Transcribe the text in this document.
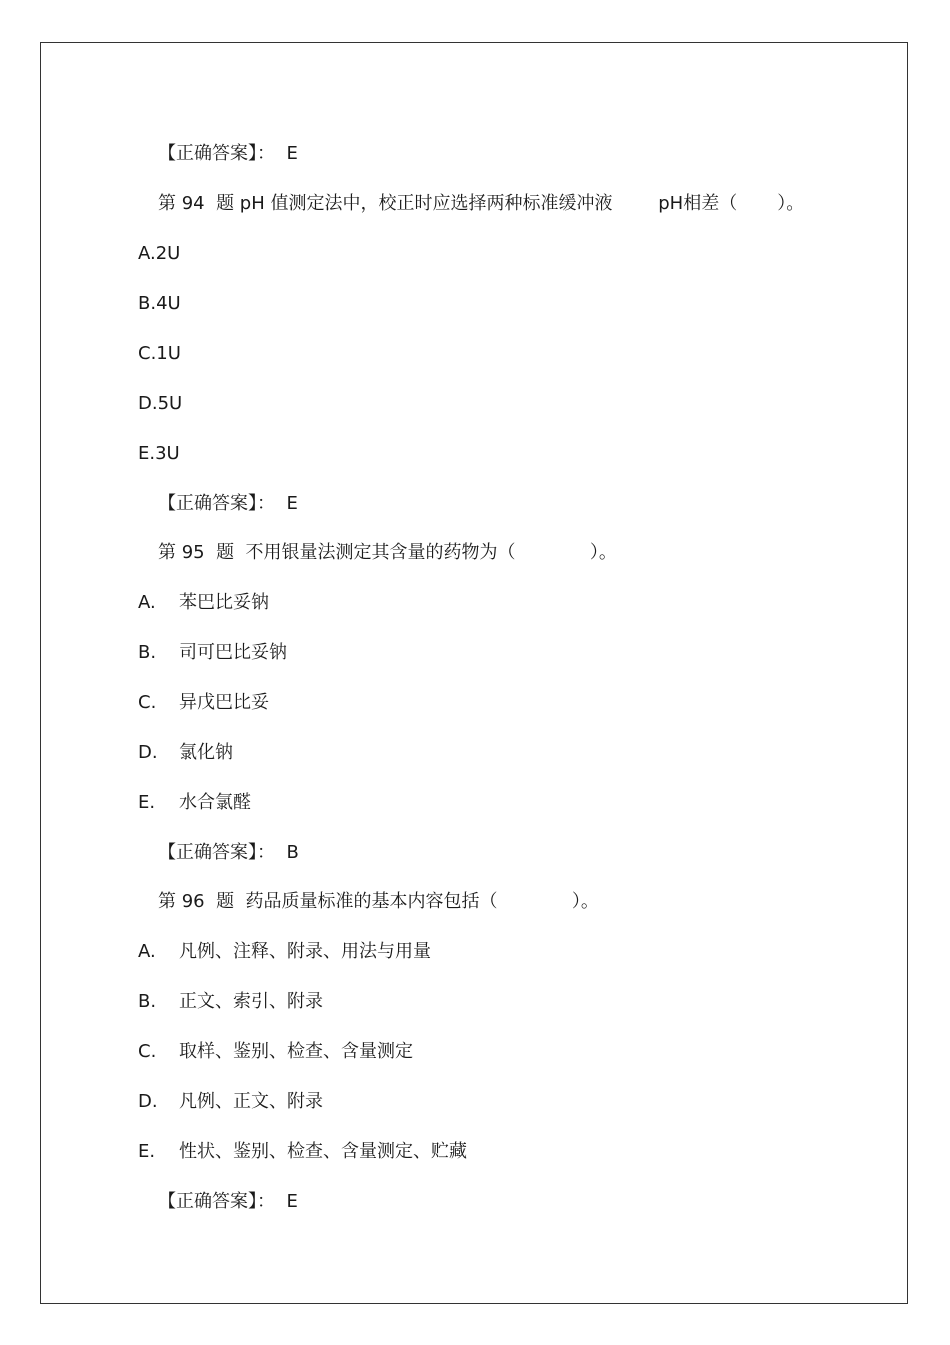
【正确答案】：  E
第 94  题 pH 值测定法中，校正时应选择两种标准缓冲液        pH相差（       ）。
A.2U
B.4U
C.1U
D.5U
E.3U
【正确答案】：  E
第 95  题  不用银量法测定其含量的药物为（             ）。
A. 苯巴比妥钠
B. 司可巴比妥钠
C. 异戊巴比妥
D. 氯化钠
E. 水合氯醛
【正确答案】：  B
第 96  题  药品质量标准的基本内容包括（             ）。
A. 凡例、注释、附录、用法与用量
B. 正文、索引、附录
C. 取样、鉴别、检查、含量测定
D. 凡例、正文、附录
E. 性状、鉴别、检查、含量测定、贮藏
【正确答案】：  E
